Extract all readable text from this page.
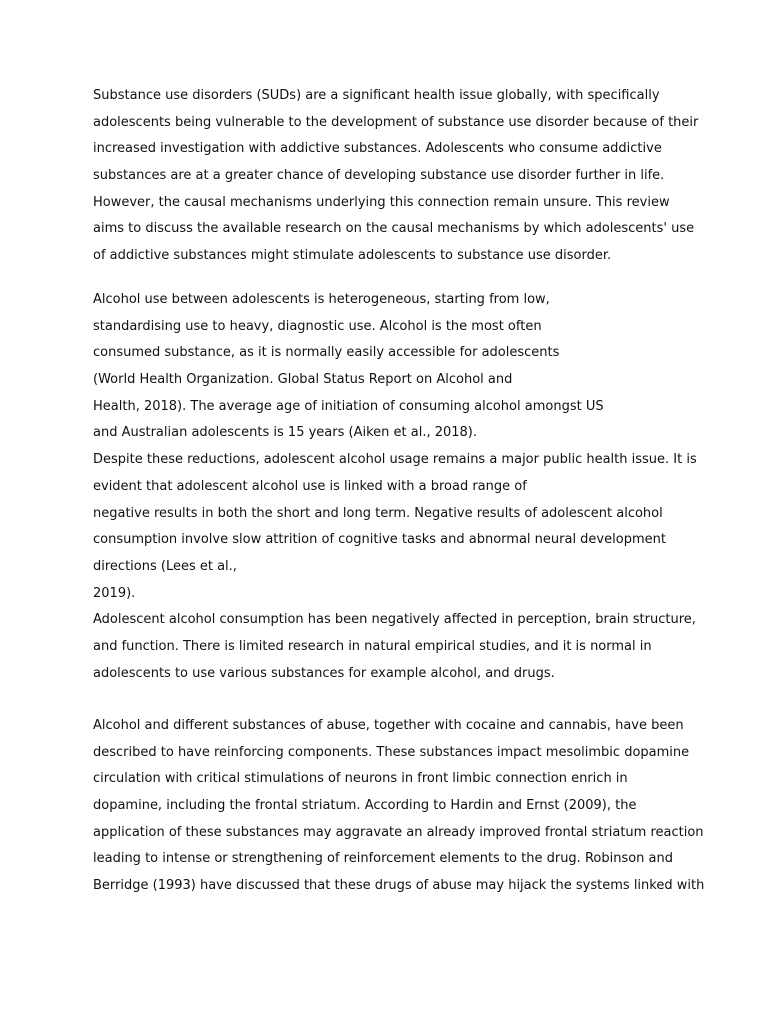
Substance use disorders (SUDs) are a significant health issue globally, with specifically
adolescents being vulnerable to the development of substance use disorder because of their
increased investigation with addictive substances. Adolescents who consume addictive
substances are at a greater chance of developing substance use disorder further in life.
However, the causal mechanisms underlying this connection remain unsure. This review
aims to discuss the available research on the causal mechanisms by which adolescents' use
of addictive substances might stimulate adolescents to substance use disorder.
Alcohol use between adolescents is heterogeneous, starting from low,
standardising use to heavy, diagnostic use. Alcohol is the most often
consumed substance, as it is normally easily accessible for adolescents
(World Health Organization. Global Status Report on Alcohol and
Health, 2018). The average age of initiation of consuming alcohol amongst US
and Australian adolescents is 15 years (Aiken et al., 2018).
Despite these reductions, adolescent alcohol usage remains a major public health issue. It is
evident that adolescent alcohol use is linked with a broad range of
negative results in both the short and long term. Negative results of adolescent alcohol
consumption involve slow attrition of cognitive tasks and abnormal neural development
directions (Lees et al.,
2019).
Adolescent alcohol consumption has been negatively affected in perception, brain structure,
and function. There is limited research in natural empirical studies, and it is normal in
adolescents to use various substances for example alcohol, and drugs.
Alcohol and different substances of abuse, together with cocaine and cannabis, have been
described to have reinforcing components. These substances impact mesolimbic dopamine
circulation with critical stimulations of neurons in front limbic connection enrich in
dopamine, including the frontal striatum. According to Hardin and Ernst (2009), the
application of these substances may aggravate an already improved frontal striatum reaction
leading to intense or strengthening of reinforcement elements to the drug. Robinson and
Berridge (1993) have discussed that these drugs of abuse may hijack the systems linked with
